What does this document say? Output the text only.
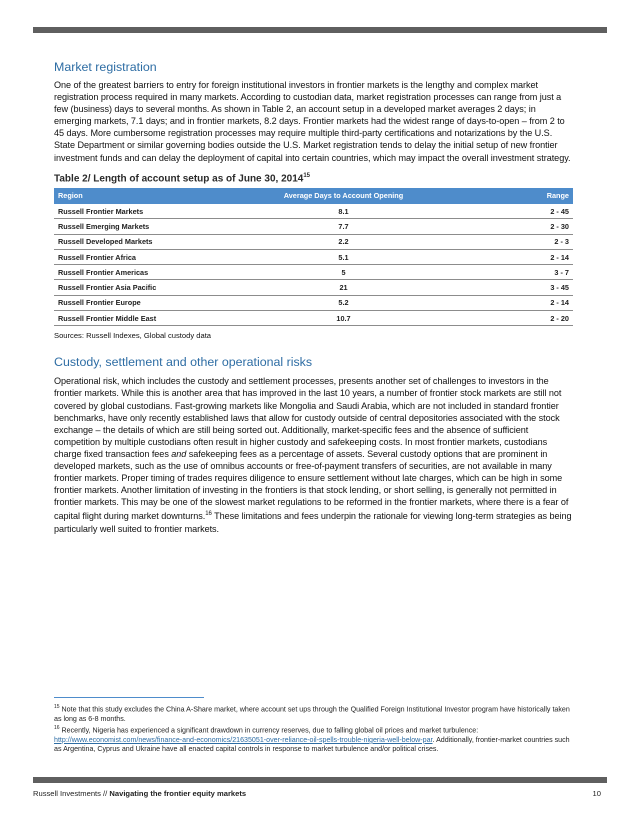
Market registration

One of the greatest barriers to entry for foreign institutional investors in frontier markets is the lengthy and complex market registration process required in many markets. According to custodian data, market registration processes can range from just a few (business) days to several months. As shown in Table 2, an account setup in a developed market averages 2 days; in emerging markets, 7.1 days; and in frontier markets, 8.2 days. Frontier markets had the widest range of days-to-open – from 2 to 45 days. More cumbersome registration processes may require multiple third-party certifications and notarizations by the U.S. State Department or similar governing bodies outside the U.S. Market registration tends to delay the initial setup of new frontier investment funds and can delay the deployment of capital into certain countries, which may impact the overall investment strategy.

Table 2/ Length of account setup as of June 30, 2014$^{15}$

Region	Average Days to Account Opening	Range
Russell Frontier Markets	8.1	2 - 45
Russell Emerging Markets	7.7	2 - 30
Russell Developed Markets	2.2	2 - 3
Russell Frontier Africa	5.1	2 - 14
Russell Frontier Americas	5	3 - 7
Russell Frontier Asia Pacific	21	3 - 45
Russell Frontier Europe	5.2	2 - 14
Russell Frontier Middle East	10.7	2 - 20

Sources: Russell Indexes, Global custody data

Custody, settlement and other operational risks

Operational risk, which includes the custody and settlement processes, presents another set of challenges to investors in the frontier markets. While this is another area that has improved in the last 10 years, a number of frontier stock markets are still not covered by global custodians. Fast-growing markets like Mongolia and Saudi Arabia, which are not included in standard frontier benchmarks, have only recently established laws that allow for custody outside of central depositories associated with the stock exchange – the details of which are still being sorted out. Additionally, market-specific fees and the absence of sufficient competition by multiple custodians often result in higher custody and safekeeping costs. In most frontier markets, custodians charge fixed transaction fees and safekeeping fees as a percentage of assets. Several custody options that are prominent in developed markets, such as the use of omnibus accounts or free-of-payment transfers of securities, are not available in many frontier markets. Proper timing of trades requires diligence to ensure settlement without late charges, which can be high in some frontier markets. Another limitation of investing in the frontiers is that stock lending, or short selling, is generally not permitted in frontier markets. This may be one of the slowest market regulations to be reformed in the frontier markets, where there is a fear of capital flight during market downturns.$^{16}$ These limitations and fees underpin the rationale for viewing long-term strategies as being particularly well suited to frontier markets.

$^{15}$ Note that this study excludes the China A-Share market, where account set ups through the Qualified Foreign Institutional Investor program have historically taken as long as 6-8 months.
$^{16}$ Recently, Nigeria has experienced a significant drawdown in currency reserves, due to falling global oil prices and market turbulence: http://www.economist.com/news/finance-and-economics/21635051-over-reliance-oil-spells-trouble-nigeria-well-below-par. Additionally, frontier-market countries such as Argentina, Cyprus and Ukraine have all enacted capital controls in response to market turbulence and/or political crises.
Russell Investments // Navigating the frontier equity markets	10
